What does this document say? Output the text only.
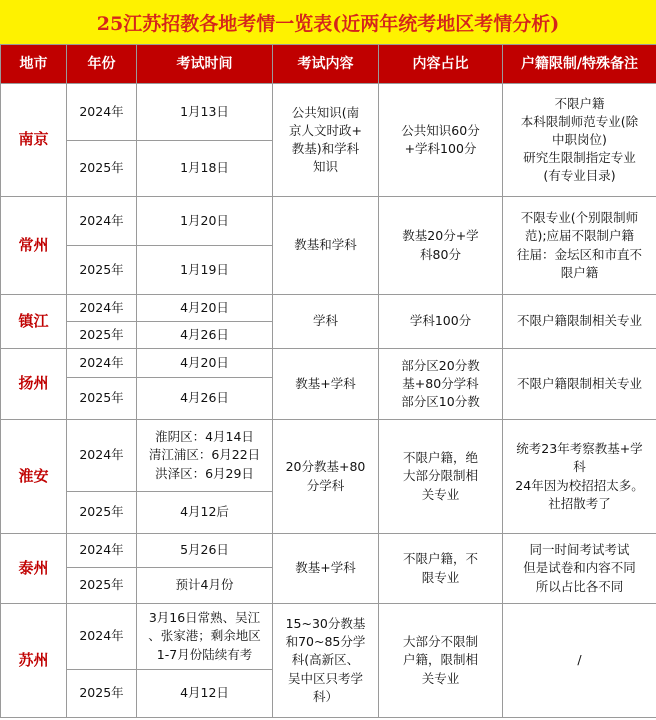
25江苏招教各地考情一览表(近两年统考地区考情分析)
地市	年份	考试时间	考试内容	内容占比	户籍限制/特殊备注
南京	2024年	1月13日	公共知识(南
京人文时政+
教基)和学科
知识	公共知识60分
+学科100分	不限户籍
本科限制师范专业(除
中职岗位)
研究生限制指定专业
(有专业目录)
	2025年	1月18日			
常州	2024年	1月20日	教基和学科	教基20分+学
科80分	不限专业(个别限制师
范);应届不限制户籍
往届：金坛区和市直不
限户籍
	2025年	1月19日			
镇江	2024年	4月20日	学科	学科100分	不限户籍限制相关专业
	2025年	4月26日			
扬州	2024年	4月20日	教基+学科	部分区20分教
基+80分学科
部分区10分教	不限户籍限制相关专业
	2025年	4月26日			
淮安	2024年	淮阴区：4月14日
清江浦区：6月22日
洪泽区：6月29日	20分教基+80
分学科	不限户籍，绝
大部分限制相
关专业	统考23年考察教基+学
科
24年因为校招招太多。
社招散考了
	2025年	4月12后			
泰州	2024年	5月26日	教基+学科	不限户籍，不
限专业	同一时间考试考试
但是试卷和内容不同
所以占比各不同
	2025年	预计4月份			
苏州	2024年	3月16日常熟、吴江
、张家港；剩余地区
1-7月份陆续有考	15~30分教基
和70~85分学
科(高新区、
吴中区只考学
科）	大部分不限制
户籍，限制相
关专业	/
	2025年	4月12日			
